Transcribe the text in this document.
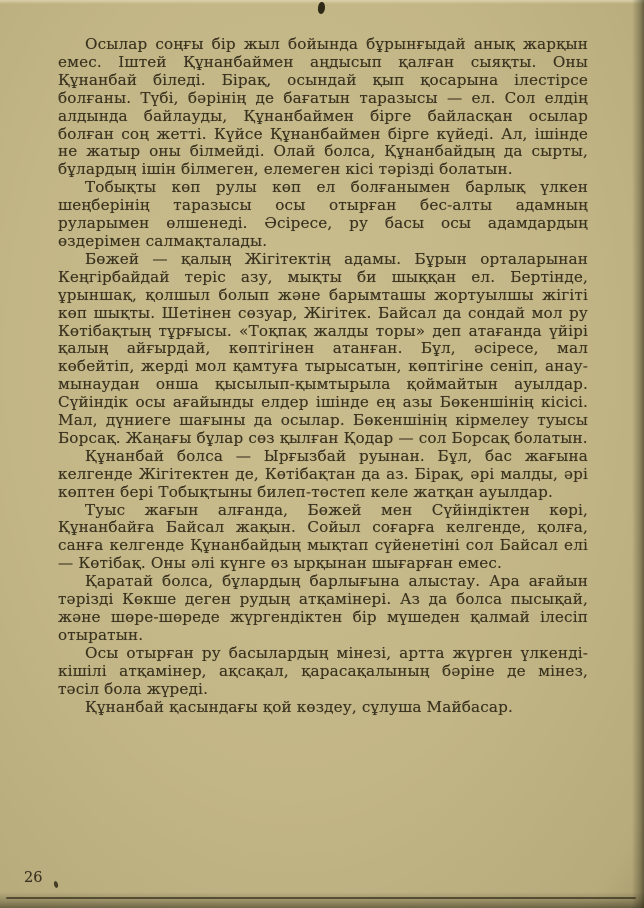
Осылар соңғы бір жыл бойында бұрынғыдай анық жарқын емес. Іштей Құнанбаймен аңдысып қалған сыяқты. Оны Құнанбай біледі. Бірақ, осындай қып қосарына ілестірсе болғаны. Түбі, бәрінің де бағатын таразысы — ел. Сол елдің алдында байлауды, Құнанбаймен бірге байласқан осылар болған соң жетті. Күйсе Құнанбаймен бірге күйеді. Ал, ішінде не жатыр оны білмейді. Олай болса, Құнанбайдың да сырты, бұлардың ішін білмеген, елемеген кісі тәрізді болатын.

Тобықты көп рулы көп ел болғанымен барлық үлкен шеңберінің таразысы осы отырған бес-алты адамның руларымен өлшенеді. Әсіресе, ру басы осы адамдардың өздерімен салмақталады.

Бөжей — қалың Жігітектің адамы. Бұрын орталарынан Кеңгірбайдай теріс азу, мықты би шыққан ел. Бертінде, ұрыншақ, қолшыл болып және барымташы жортуылшы жігіті көп шықты. Шетінен сөзуар, Жігітек. Байсал да сондай мол ру Көтібақтың тұрғысы. «Тоқпақ жалды торы» деп атағанда үйірі қалың айғырдай, көптігінен атанған. Бұл, әсіресе, мал көбейтіп, жерді мол қамтуға тырысатын, көптігіне сеніп, анау-мынаудан онша қысылып-қымтырыла қоймайтын ауылдар. Сүйіндік осы ағайынды елдер ішінде ең азы Бөкеншінің кісісі. Мал, дүниеге шағыны да осылар. Бөкеншінің кірмелеу туысы Борсақ. Жаңағы бұлар сөз қылған Қодар — сол Борсақ болатын.

Құнанбай болса — Ырғызбай руынан. Бұл, бас жағына келгенде Жігітектен де, Көтібақтан да аз. Бірақ, әрі малды, әрі көптен бері Тобықтыны билеп-төстеп келе жатқан ауылдар.

Туыс жағын алғанда, Бөжей мен Сүйіндіктен көрі, Құнанбайға Байсал жақын. Сойыл соғарға келгенде, қолға, санға келгенде Құнанбайдың мықтап сүйенетіні сол Байсал елі — Көтібақ. Оны әлі күнге өз ырқынан шығарған емес.

Қаратай болса, бұлардың барлығына алыстау. Ара ағайын тәрізді Көкше деген рудың атқамінері. Аз да болса пысықай, және шөре-шөреде жүргендіктен бір мүшеден қалмай ілесіп отыратын.

Осы отырған ру басылардың мінезі, артта жүрген үлкенді-кішілі атқамінер, ақсақал, қарасақалының бәріне де мінез, тәсіл бола жүреді.

Құнанбай қасындағы қой көздеу, сұлуша Майбасар.

26
